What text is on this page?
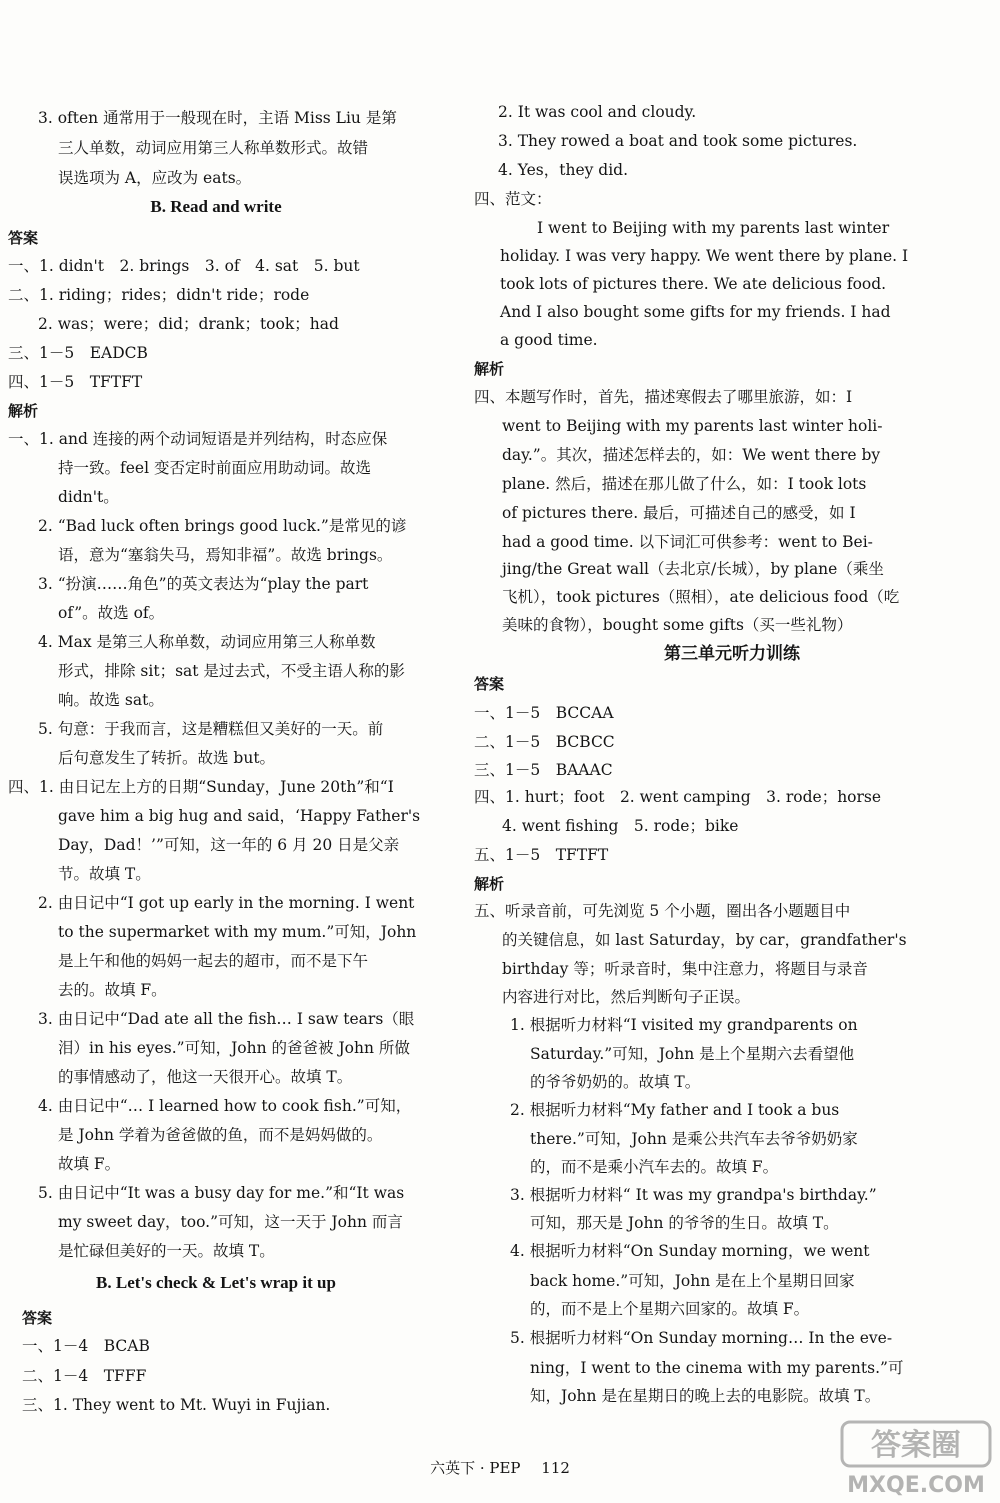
3. often 通常用于一般现在时，主语 Miss Liu 是第
三人单数，动词应用第三人称单数形式。故错
误选项为 A，应改为 eats。
B. Read and write
答案
一、1. didn't　2. brings　3. of　4. sat　5. but
二、1. riding；rides；didn't ride；rode
2. was；were；did；drank；took；had
三、1－5　EADCB
四、1－5　TFTFT
解析
一、1. and 连接的两个动词短语是并列结构，时态应保
持一致。feel 变否定时前面应用助动词。故选
didn't。
2. “Bad luck often brings good luck.”是常见的谚
语，意为“塞翁失马，焉知非福”。故选 brings。
3. “扮演……角色”的英文表达为“play the part
of”。故选 of。
4. Max 是第三人称单数，动词应用第三人称单数
形式，排除 sit；sat 是过去式，不受主语人称的影
响。故选 sat。
5. 句意：于我而言，这是糟糕但又美好的一天。前
后句意发生了转折。故选 but。
四、1. 由日记左上方的日期“Sunday，June 20th”和“I
gave him a big hug and said，‘Happy Father's
Day，Dad！’”可知，这一年的 6 月 20 日是父亲
节。故填 T。
2. 由日记中“I got up early in the morning. I went
to the supermarket with my mum.”可知，John
是上午和他的妈妈一起去的超市，而不是下午
去的。故填 F。
3. 由日记中“Dad ate all the fish… I saw tears（眼
泪）in his eyes.”可知，John 的爸爸被 John 所做
的事情感动了，他这一天很开心。故填 T。
4. 由日记中“… I learned how to cook fish.”可知，
是 John 学着为爸爸做的鱼，而不是妈妈做的。
故填 F。
5. 由日记中“It was a busy day for me.”和“It was
my sweet day，too.”可知，这一天于 John 而言
是忙碌但美好的一天。故填 T。
B. Let's check & Let's wrap it up
答案
一、1－4　BCAB
二、1－4　TFFF
三、1. They went to Mt. Wuyi in Fujian.
2. It was cool and cloudy.
3. They rowed a boat and took some pictures.
4. Yes，they did.
四、范文：
I went to Beijing with my parents last winter
holiday. I was very happy. We went there by plane. I
took lots of pictures there. We ate delicious food.
And I also bought some gifts for my friends. I had
a good time.
解析
四、本题写作时，首先，描述寒假去了哪里旅游，如：I
went to Beijing with my parents last winter holi-
day.”。其次，描述怎样去的，如：We went there by
plane. 然后，描述在那儿做了什么，如：I took lots
of pictures there. 最后，可描述自己的感受，如 I
had a good time. 以下词汇可供参考：went to Bei-
jing/the Great wall（去北京/长城），by plane（乘坐
飞机），took pictures（照相），ate delicious food（吃
美味的食物），bought some gifts（买一些礼物）
第三单元听力训练
答案
一、1－5　BCCAA
二、1－5　BCBCC
三、1－5　BAAAC
四、1. hurt；foot　2. went camping　3. rode；horse
4. went fishing　5. rode；bike
五、1－5　TFTFT
解析
五、听录音前，可先浏览 5 个小题，圈出各小题题目中
的关键信息，如 last Saturday，by car，grandfather's
birthday 等；听录音时，集中注意力，将题目与录音
内容进行对比，然后判断句子正误。
1. 根据听力材料“I visited my grandparents on
Saturday.”可知，John 是上个星期六去看望他
的爷爷奶奶的。故填 T。
2. 根据听力材料“My father and I took a bus
there.”可知，John 是乘公共汽车去爷爷奶奶家
的，而不是乘小汽车去的。故填 F。
3. 根据听力材料“ It was my grandpa's birthday.”
可知，那天是 John 的爷爷的生日。故填 T。
4. 根据听力材料“On Sunday morning，we went
back home.”可知，John 是在上个星期日回家
的，而不是上个星期六回家的。故填 F。
5. 根据听力材料“On Sunday morning… In the eve-
ning，I went to the cinema with my parents.”可
知，John 是在星期日的晚上去的电影院。故填 T。
六英下 · PEP 112
答案圈
MXQE.COM
